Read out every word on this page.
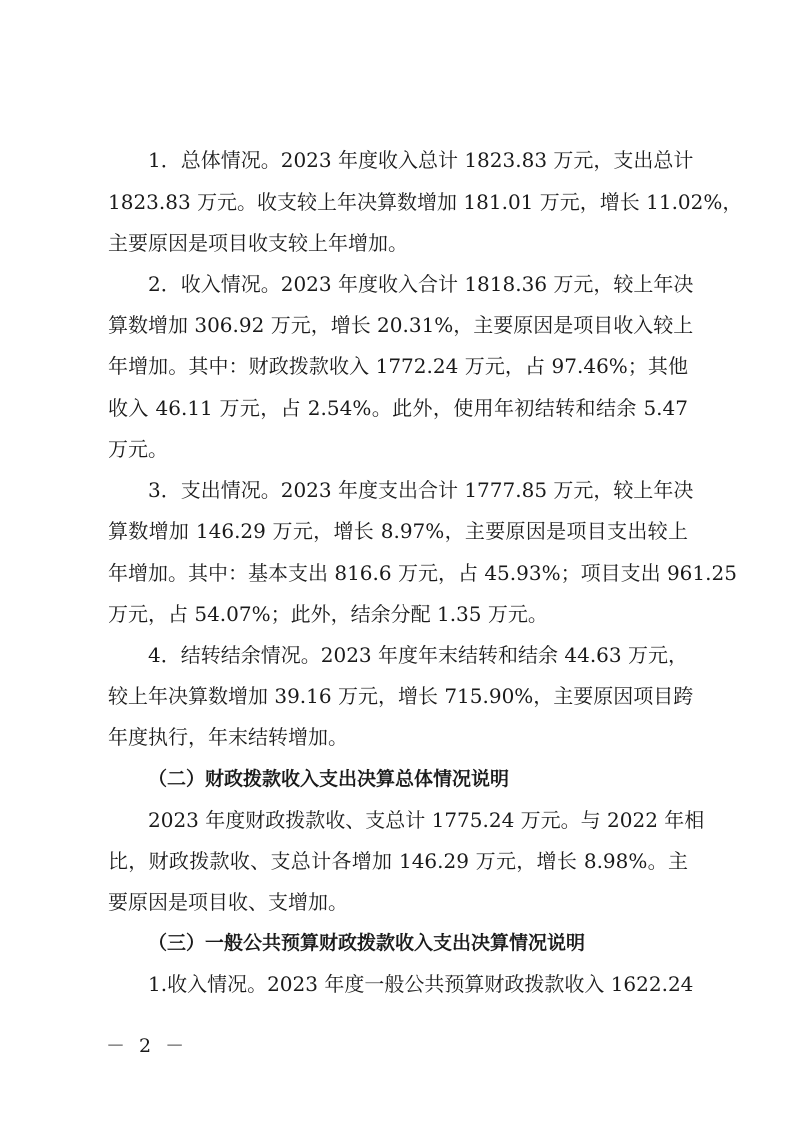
1．总体情况。2023 年度收入总计 1823.83 万元，支出总计
1823.83 万元。收支较上年决算数增加 181.01 万元，增长 11.02%，
主要原因是项目收支较上年增加。
2．收入情况。2023 年度收入合计 1818.36 万元，较上年决
算数增加 306.92 万元，增长 20.31%，主要原因是项目收入较上
年增加。其中：财政拨款收入 1772.24 万元，占 97.46%；其他
收入 46.11 万元，占 2.54%。此外，使用年初结转和结余 5.47
万元。
3．支出情况。2023 年度支出合计 1777.85 万元，较上年决
算数增加 146.29 万元，增长 8.97%，主要原因是项目支出较上
年增加。其中：基本支出 816.6 万元，占 45.93%；项目支出 961.25
万元，占 54.07%；此外，结余分配 1.35 万元。
4．结转结余情况。2023 年度年末结转和结余 44.63 万元，
较上年决算数增加 39.16 万元，增长 715.90%，主要原因项目跨
年度执行，年末结转增加。
（二）财政拨款收入支出决算总体情况说明
2023 年度财政拨款收、支总计 1775.24 万元。与 2022 年相
比，财政拨款收、支总计各增加 146.29 万元，增长 8.98%。主
要原因是项目收、支增加。
（三）一般公共预算财政拨款收入支出决算情况说明
1.收入情况。2023 年度一般公共预算财政拨款收入 1622.24
－ 2 －
